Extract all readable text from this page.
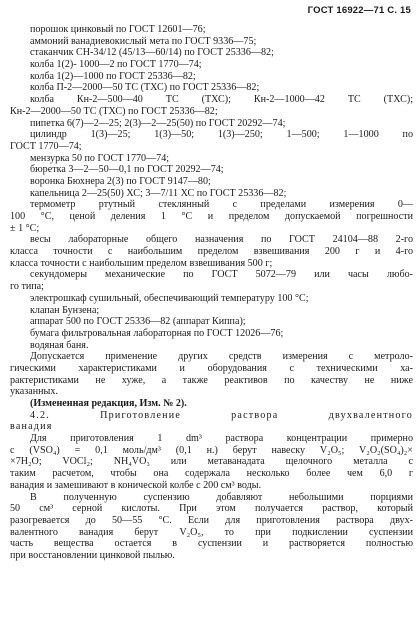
ГОСТ 16922—71 С. 15
порошок цинковый по ГОСТ 12601—76;
аммоний ванадиевокислый мета по ГОСТ 9336—75;
стаканчик СН-34/12 (45/13—60/14) по ГОСТ 25336—82;
колба 1(2)- 1000—2 по ГОСТ 1770—74;
колба 1(2)—1000 по ГОСТ 25336—82;
колба П-2—2000—50 ТС (ТХС) по ГОСТ 25336—82;
колба Кн-2—500—40 ТС (ТХС); Кн-2—1000—42 ТС (ТХС);
Кн-2—2000—50 ТС (ТХС) по ГОСТ 25336—82;
пипетка 6(7)—2—25; 2(3)—2—25(50) по ГОСТ 20292—74;
цилиндр 1(3)—25; 1(3)—50; 1(3)—250; 1—500; 1—1000 по
ГОСТ 1770—74;
мензурка 50 по ГОСТ 1770—74;
бюретка 3—2—50—0,1 по ГОСТ 20292—74;
воронка Бюхнера 2(3) по ГОСТ 9147—80;
капельница 2—25(50) ХС; 3—7/11 ХС по ГОСТ 25336—82;
термометр ртутный стеклянный с пределами измерения 0—
100 °С, ценой деления 1 °С и пределом допускаемой погрешности
± 1 °С;
весы лабораторные общего назначения по ГОСТ 24104—88 2-го
класса точности с наибольшим пределом взвешивания 200 г и 4-го
класса точности с наибольшим пределом взвешивания 500 г;
секундомеры механические по ГОСТ 5072—79 или часы любо-
го типа;
электрошкаф сушильный, обеспечивающий температуру 100 °С;
клапан Бунзена;
аппарат 500 по ГОСТ 25336—82 (аппарат Киппа);
бумага фильтровальная лабораторная по ГОСТ 12026—76;
водяная баня.
Допускается применение других средств измерения с метроло-
гическими характеристиками и оборудования с техническими ха-
рактеристиками не хуже, а также реактивов по качеству не ниже
указанных.
(Измененная редакция, Изм. № 2).
4.2. Приготовление раствора двухвалентного
ванадия
Для приготовления 1 dm³ раствора концентрации примерно
c (VSO₄) = 0,1 моль/дм³ (0,1 н.) берут навеску V₂O₅; V₂O₂(SO₄)₂×
×7H₂O; VOCl₂; NH₄VO₃ или метаванадата щелочного металла с
таким расчетом, чтобы она содержала несколько более чем 6,0 г
ванадия и замешивают в конической колбе с 200 см³ воды.
В полученную суспензию добавляют небольшими порциями
50 см³ серной кислоты. При этом получается раствор, который
разогревается до 50—55 °С. Если для приготовления раствора двух-
валентного ванадия берут V₂O₅, то при подкислении суспензии
часть вещества остается в суспензии и растворяется полностью
при восстановлении цинковой пылью.
